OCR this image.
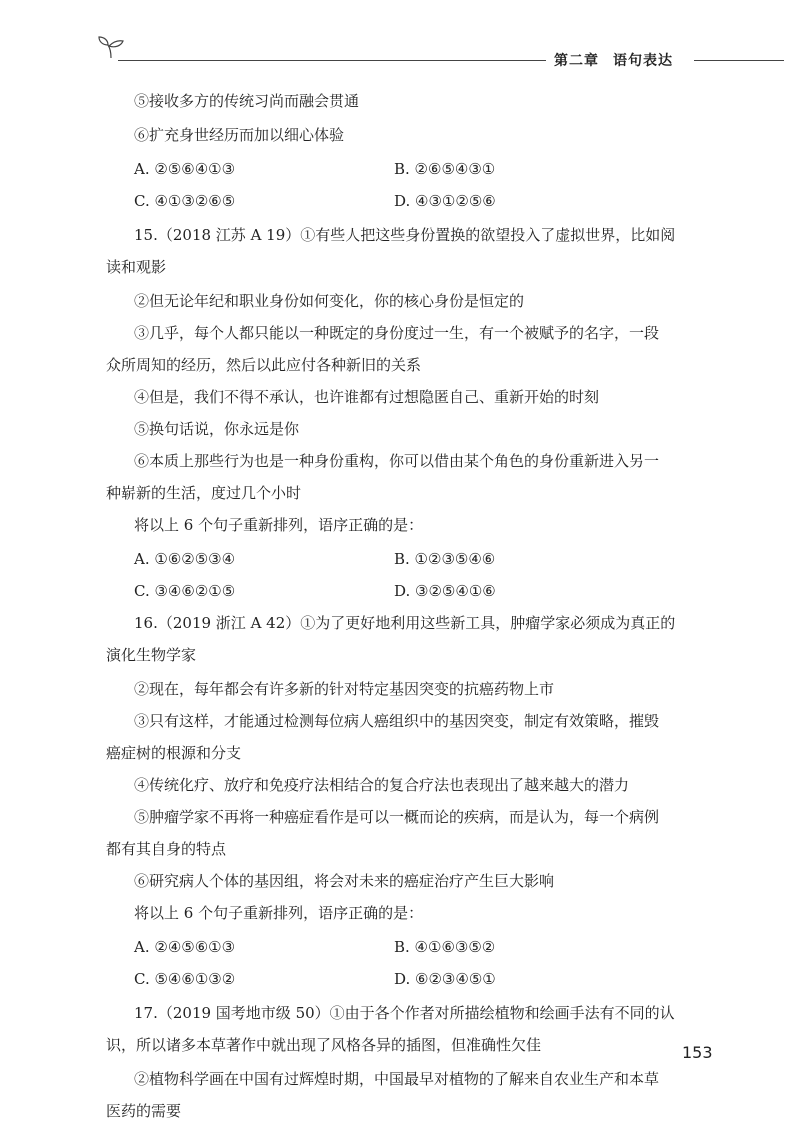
第二章 语句表达
⑤接收多方的传统习尚而融会贯通
⑥扩充身世经历而加以细心体验
A. ②⑤⑥④①③	B. ②⑥⑤④③①
C. ④①③②⑥⑤	D. ④③①②⑤⑥
15.（2018 江苏 A 19）①有些人把这些身份置换的欲望投入了虚拟世界，比如阅
读和观影
②但无论年纪和职业身份如何变化，你的核心身份是恒定的
③几乎，每个人都只能以一种既定的身份度过一生，有一个被赋予的名字，一段
众所周知的经历，然后以此应付各种新旧的关系
④但是，我们不得不承认，也许谁都有过想隐匿自己、重新开始的时刻
⑤换句话说，你永远是你
⑥本质上那些行为也是一种身份重构，你可以借由某个角色的身份重新进入另一
种崭新的生活，度过几个小时
将以上 6 个句子重新排列，语序正确的是：
A. ①⑥②⑤③④	B. ①②③⑤④⑥
C. ③④⑥②①⑤	D. ③②⑤④①⑥
16.（2019 浙江 A 42）①为了更好地利用这些新工具，肿瘤学家必须成为真正的
演化生物学家
②现在，每年都会有许多新的针对特定基因突变的抗癌药物上市
③只有这样，才能通过检测每位病人癌组织中的基因突变，制定有效策略，摧毁
癌症树的根源和分支
④传统化疗、放疗和免疫疗法相结合的复合疗法也表现出了越来越大的潜力
⑤肿瘤学家不再将一种癌症看作是可以一概而论的疾病，而是认为，每一个病例
都有其自身的特点
⑥研究病人个体的基因组，将会对未来的癌症治疗产生巨大影响
将以上 6 个句子重新排列，语序正确的是：
A. ②④⑤⑥①③	B. ④①⑥③⑤②
C. ⑤④⑥①③②	D. ⑥②③④⑤①
17.（2019 国考地市级 50）①由于各个作者对所描绘植物和绘画手法有不同的认
识，所以诸多本草著作中就出现了风格各异的插图，但准确性欠佳
②植物科学画在中国有过辉煌时期，中国最早对植物的了解来自农业生产和本草
医药的需要
153
